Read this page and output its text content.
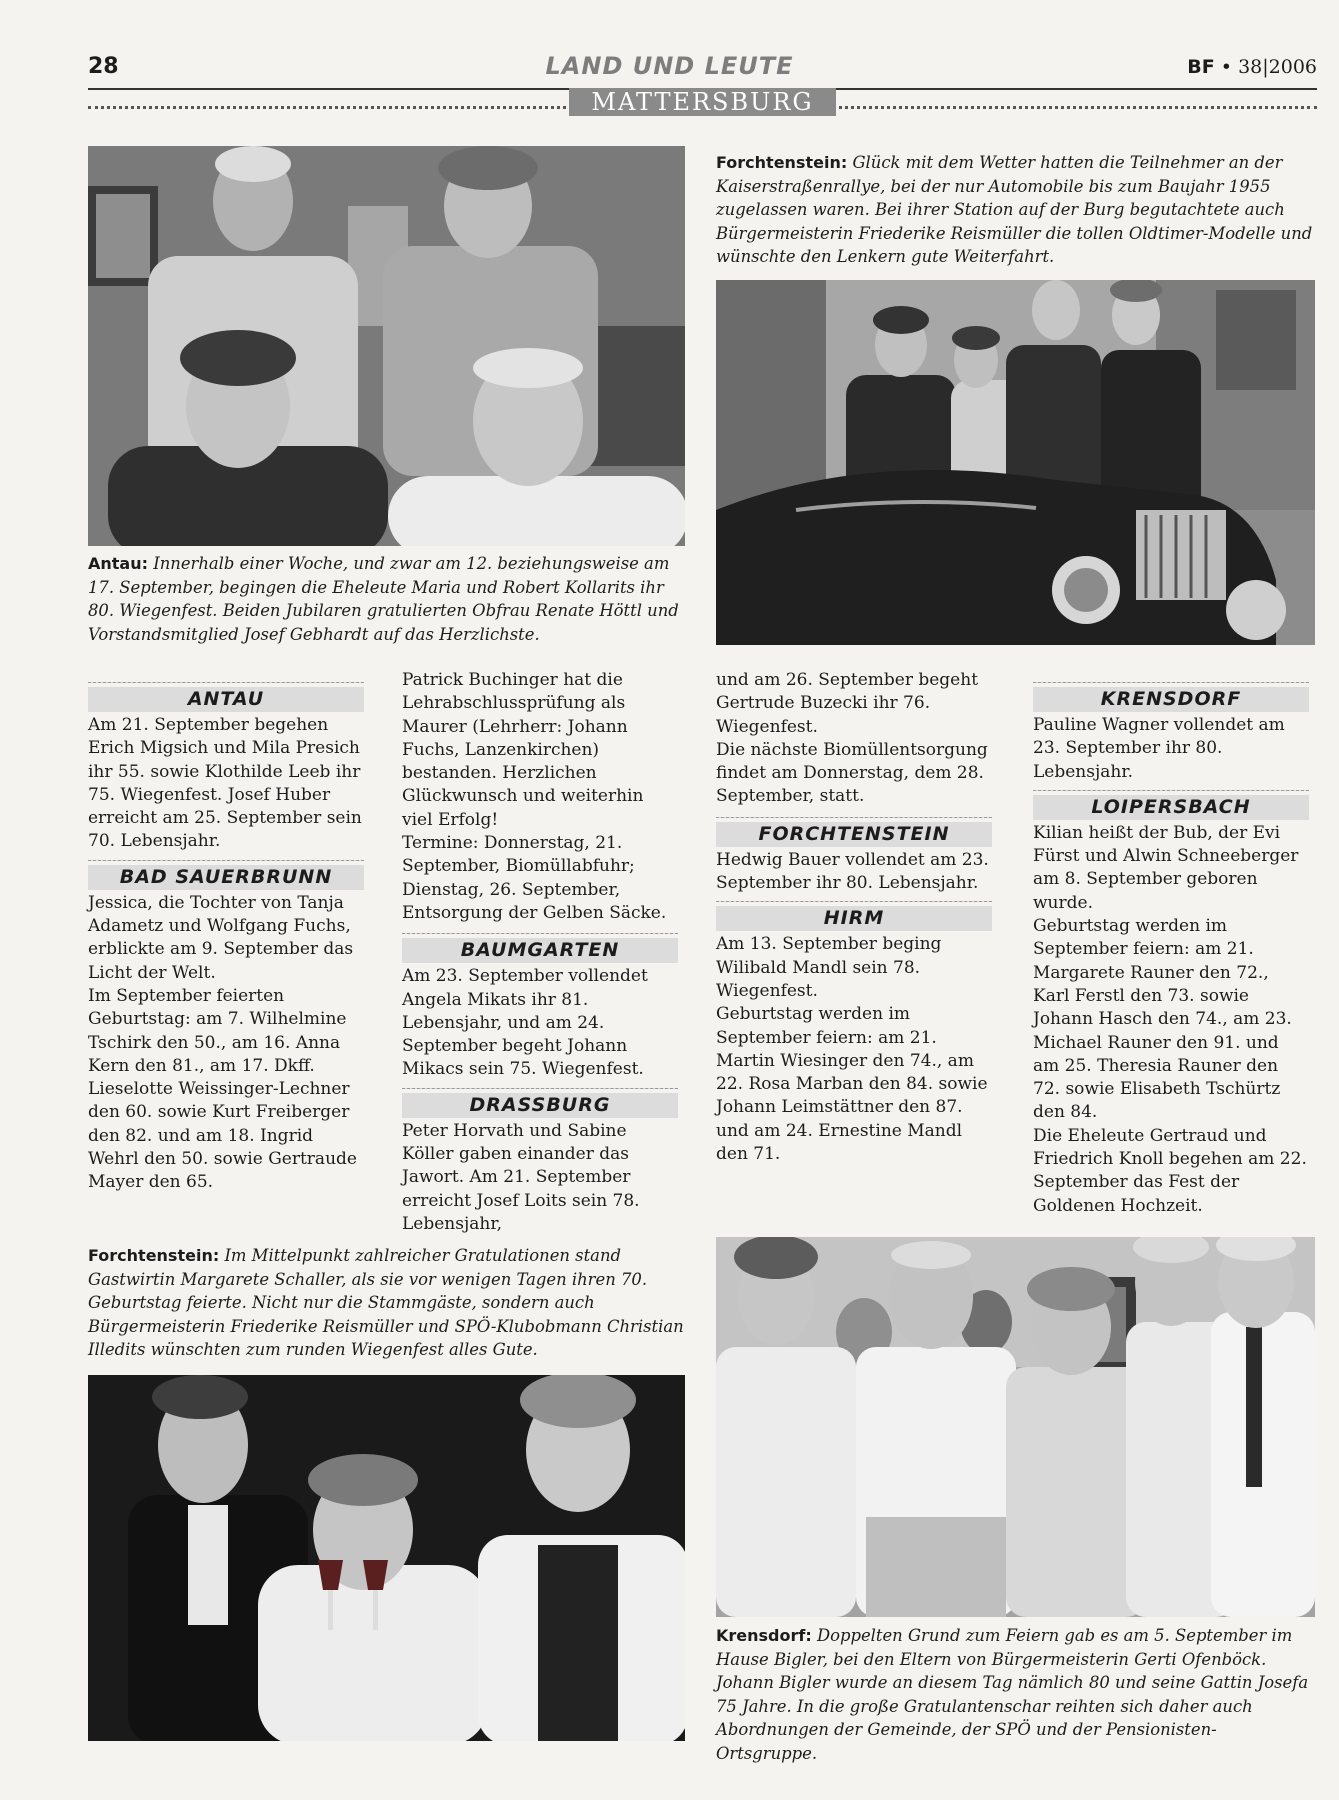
28	LAND UND LEUTE	BF • 38|2006
MATTERSBURG
Antau: Innerhalb einer Woche, und zwar am 12. beziehungsweise am 17. September, begingen die Eheleute Maria und Robert Kollarits ihr 80. Wiegenfest. Beiden Jubilaren gratulierten Obfrau Renate Höttl und Vorstandsmitglied Josef Gebhardt auf das Herzlichste.
Forchtenstein: Glück mit dem Wetter hatten die Teilnehmer an der Kaiserstraßenrallye, bei der nur Automobile bis zum Baujahr 1955 zugelassen waren. Bei ihrer Station auf der Burg begutachtete auch Bürgermeisterin Friederike Reismüller die tollen Oldtimer-Modelle und wünschte den Lenkern gute Weiterfahrt.
ANTAU
Am 21. September begehen Erich Migsich und Mila Presich ihr 55. sowie Klothilde Leeb ihr 75. Wiegenfest. Josef Huber erreicht am 25. September sein 70. Lebensjahr.
BAD SAUERBRUNN
Jessica, die Tochter von Tanja Adametz und Wolfgang Fuchs, erblickte am 9. September das Licht der Welt.
Im September feierten Geburtstag: am 7. Wilhelmine Tschirk den 50., am 16. Anna Kern den 81., am 17. Dkff. Lieselotte Weissinger-Lechner den 60. sowie Kurt Freiberger den 82. und am 18. Ingrid Wehrl den 50. sowie Gertraude Mayer den 65.
Patrick Buchinger hat die Lehrabschlussprüfung als Maurer (Lehrherr: Johann Fuchs, Lanzenkirchen) bestanden. Herzlichen Glückwunsch und weiterhin viel Erfolg!
Termine: Donnerstag, 21. September, Biomüllabfuhr; Dienstag, 26. September, Entsorgung der Gelben Säcke.
BAUMGARTEN
Am 23. September vollendet Angela Mikats ihr 81. Lebensjahr, und am 24. September begeht Johann Mikacs sein 75. Wiegenfest.
DRASSBURG
Peter Horvath und Sabine Köller gaben einander das Jawort. Am 21. September erreicht Josef Loits sein 78. Lebensjahr,
und am 26. September begeht Gertrude Buzecki ihr 76. Wiegenfest.
Die nächste Biomüllentsorgung findet am Donnerstag, dem 28. September, statt.
FORCHTENSTEIN
Hedwig Bauer vollendet am 23. September ihr 80. Lebensjahr.
HIRM
Am 13. September beging Wilibald Mandl sein 78. Wiegenfest.
Geburtstag werden im September feiern: am 21. Martin Wiesinger den 74., am 22. Rosa Marban den 84. sowie Johann Leimstättner den 87. und am 24. Ernestine Mandl den 71.
KRENSDORF
Pauline Wagner vollendet am 23. September ihr 80. Lebensjahr.
LOIPERSBACH
Kilian heißt der Bub, der Evi Fürst und Alwin Schneeberger am 8. September geboren wurde.
Geburtstag werden im September feiern: am 21. Margarete Rauner den 72., Karl Ferstl den 73. sowie Johann Hasch den 74., am 23. Michael Rauner den 91. und am 25. Theresia Rauner den 72. sowie Elisabeth Tschürtz den 84.
Die Eheleute Gertraud und Friedrich Knoll begehen am 22. September das Fest der Goldenen Hochzeit.
Forchtenstein: Im Mittelpunkt zahlreicher Gratulationen stand Gastwirtin Margarete Schaller, als sie vor wenigen Tagen ihren 70. Geburtstag feierte. Nicht nur die Stammgäste, sondern auch Bürgermeisterin Friederike Reismüller und SPÖ-Klubobmann Christian Illedits wünschten zum runden Wiegenfest alles Gute.
Krensdorf: Doppelten Grund zum Feiern gab es am 5. September im Hause Bigler, bei den Eltern von Bürgermeisterin Gerti Ofenböck. Johann Bigler wurde an diesem Tag nämlich 80 und seine Gattin Josefa 75 Jahre. In die große Gratulantenschar reihten sich daher auch Abordnungen der Gemeinde, der SPÖ und der Pensionisten-Ortsgruppe.
